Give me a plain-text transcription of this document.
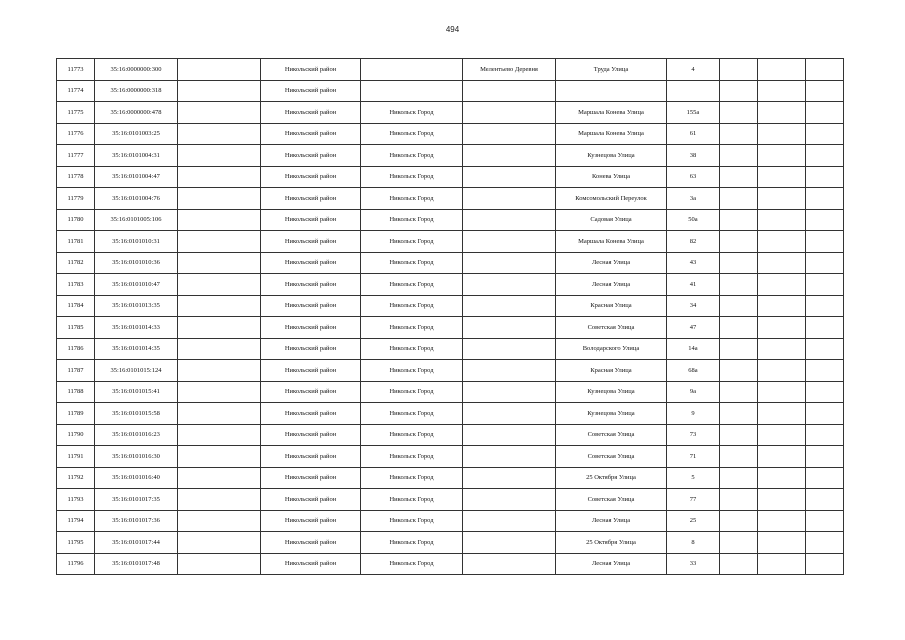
494
11773	35:16:0000000:300		Никольский район		Мелентьево Деревня	Труда Улица	4			
11774	35:16:0000000:318		Никольский район							
11775	35:16:0000000:478		Никольский район	Никольск Город		Маршала Конева Улица	155а			
11776	35:16:0101003:25		Никольский район	Никольск Город		Маршала Конева Улица	61			
11777	35:16:0101004:31		Никольский район	Никольск Город		Кузнецова Улица	38			
11778	35:16:0101004:47		Никольский район	Никольск Город		Конева Улица	63			
11779	35:16:0101004:76		Никольский район	Никольск Город		Комсомольский Переулок	3а			
11780	35:16:0101005:106		Никольский район	Никольск Город		Садовая Улица	50а			
11781	35:16:0101010:31		Никольский район	Никольск Город		Маршала Конева Улица	82			
11782	35:16:0101010:36		Никольский район	Никольск Город		Лесная Улица	43			
11783	35:16:0101010:47		Никольский район	Никольск Город		Лесная Улица	41			
11784	35:16:0101013:35		Никольский район	Никольск Город		Красная Улица	34			
11785	35:16:0101014:33		Никольский район	Никольск Город		Советская Улица	47			
11786	35:16:0101014:35		Никольский район	Никольск Город		Володарского Улица	14а			
11787	35:16:0101015:124		Никольский район	Никольск Город		Красная Улица	68а			
11788	35:16:0101015:41		Никольский район	Никольск Город		Кузнецова Улица	9а			
11789	35:16:0101015:58		Никольский район	Никольск Город		Кузнецова Улица	9			
11790	35:16:0101016:23		Никольский район	Никольск Город		Советская Улица	73			
11791	35:16:0101016:30		Никольский район	Никольск Город		Советская Улица	71			
11792	35:16:0101016:40		Никольский район	Никольск Город		25 Октября Улица	5			
11793	35:16:0101017:35		Никольский район	Никольск Город		Советская Улица	77			
11794	35:16:0101017:36		Никольский район	Никольск Город		Лесная Улица	25			
11795	35:16:0101017:44		Никольский район	Никольск Город		25 Октября Улица	8			
11796	35:16:0101017:48		Никольский район	Никольск Город		Лесная Улица	33			
